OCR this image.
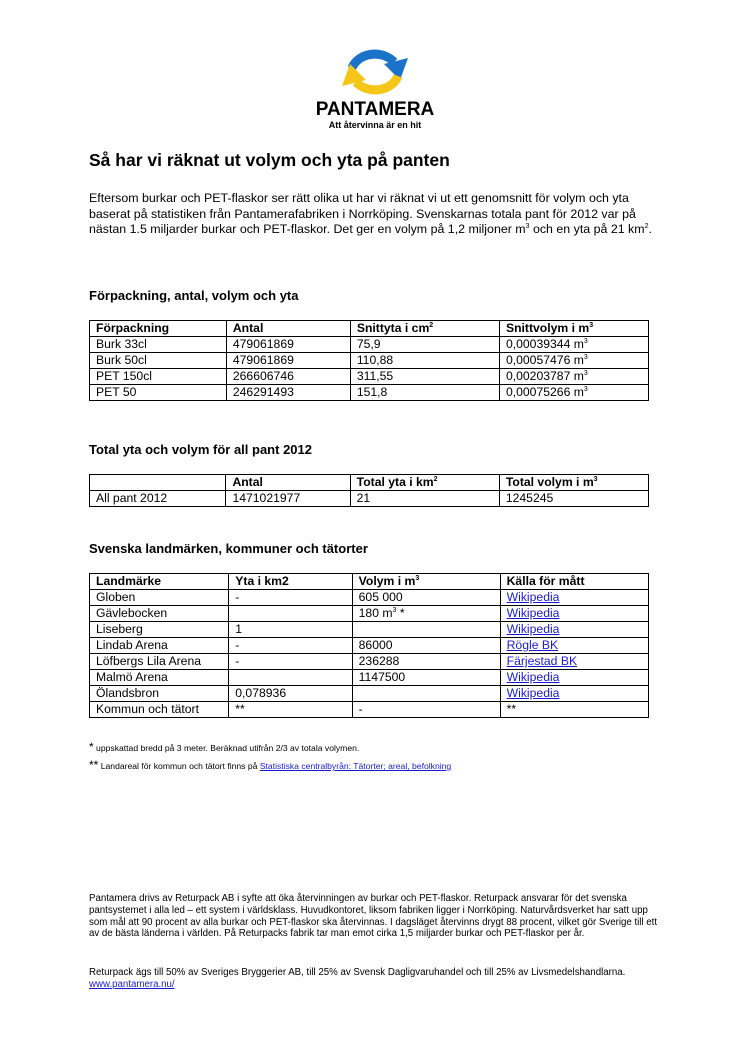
PANTAMERA
Att återvinna är en hit
Så har vi räknat ut volym och yta på panten

Eftersom burkar och PET-flaskor ser rätt olika ut har vi räknat vi ut ett genomsnitt för volym och yta baserat på statistiken från Pantamerafabriken i Norrköping. Svenskarnas totala pant för 2012 var på nästan 1.5 miljarder burkar och PET-flaskor. Det ger en volym på 1,2 miljoner $m^3$ och en yta på 21 $km^2$.

Förpackning, antal, volym och yta
Förpackning	Antal	Snittyta i $cm^2$	Snittvolym i $m^3$
Burk 33cl	479061869	75,9	0,00039344 $m^3$
Burk 50cl	479061869	110,88	0,00057476 $m^3$
PET 150cl	266606746	311,55	0,00203787 $m^3$
PET 50	246291493	151,8	0,00075266 $m^3$
Total yta och volym för all pant 2012
	Antal	Total yta i $km^2$	Total volym i $m^3$
All pant 2012	1471021977	21	1245245
Svenska landmärken, kommuner och tätorter
Landmärke	Yta i km2	Volym i $m^3$	Källa för mått
Globen	-	605 000	Wikipedia
Gävlebocken		180 $m^3$ *	Wikipedia
Liseberg	1		Wikipedia
Lindab Arena	-	86000	Rögle BK
Löfbergs Lila Arena	-	236288	Färjestad BK
Malmö Arena		1147500	Wikipedia
Ölandsbron	0,078936		Wikipedia
Kommun och tätort	**	-	**

* uppskattad bredd på 3 meter. Beräknad utifrån 2/3 av totala volymen.

** Landareal för kommun och tätort finns på Statistiska centralbyrån: Tätorter; areal, befolkning

Pantamera drivs av Returpack AB i syfte att öka återvinningen av burkar och PET-flaskor. Returpack ansvarar för det svenska pantsystemet i alla led – ett system i världsklass. Huvudkontoret, liksom fabriken ligger i Norrköping. Naturvårdsverket har satt upp som mål att 90 procent av alla burkar och PET-flaskor ska återvinnas. I dagsläget återvinns drygt 88 procent, vilket gör Sverige till ett av de bästa länderna i världen. På Returpacks fabrik tar man emot cirka 1,5 miljarder burkar och PET-flaskor per år.

Returpack ägs till 50% av Sveriges Bryggerier AB, till 25% av Svensk Dagligvaruhandel och till 25% av Livsmedelshandlarna. www.pantamera.nu/
